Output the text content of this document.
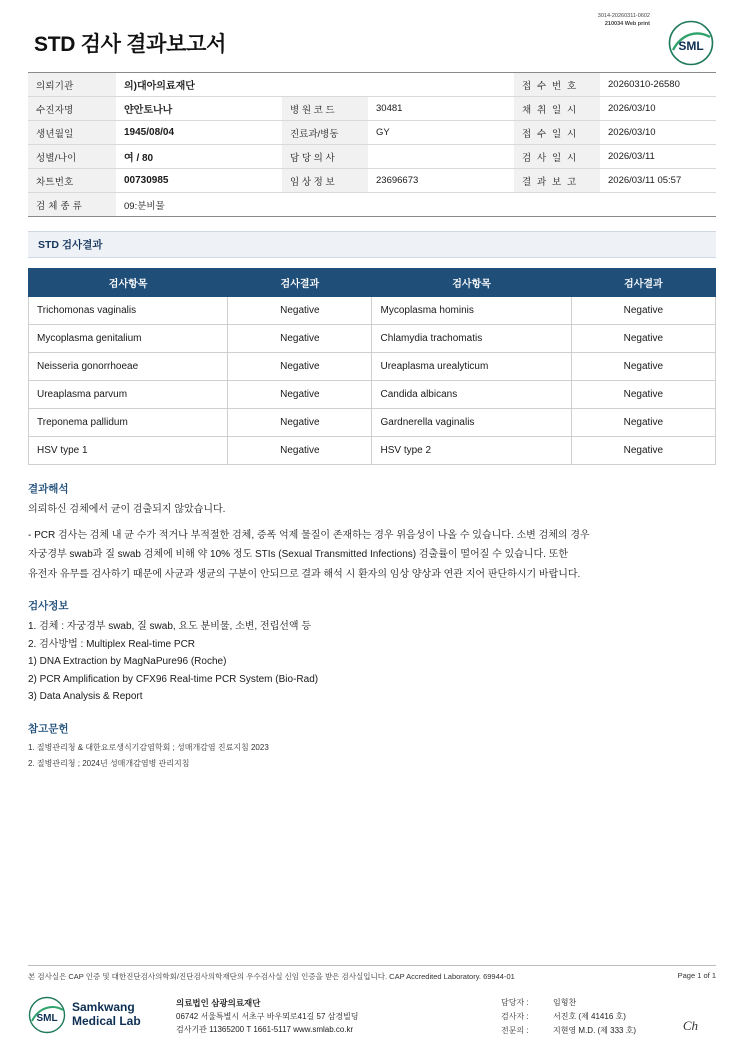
STD 검사 결과보고서
3014-20260311-0602
210034 Web print
SML
의뢰기관	의)대아의료재단			접 수 번 호	20260310-26580
수진자명	얀안토나나	병 원 코 드	30481	채 취 일 시	2026/03/10
생년월일	1945/08/04	진료과/병동	GY	접 수 일 시	2026/03/10
성별/나이	여 / 80	담 당 의 사		검 사 일 시	2026/03/11
차트번호	00730985	임 상 정 보	23696673	결 과 보 고	2026/03/11 05:57
검 체 종 류	09:분비물				
STD 검사결과
검사항목	검사결과	검사항목	검사결과
Trichomonas vaginalis	Negative	Mycoplasma hominis	Negative
Mycoplasma genitalium	Negative	Chlamydia trachomatis	Negative
Neisseria gonorrhoeae	Negative	Ureaplasma urealyticum	Negative
Ureaplasma parvum	Negative	Candida albicans	Negative
Treponema pallidum	Negative	Gardnerella vaginalis	Negative
HSV type 1	Negative	HSV type 2	Negative
결과해석

의뢰하신 검체에서 균이 검출되지 않았습니다.

- PCR 검사는 검체 내 균 수가 적거나 부적절한 검체, 증폭 억제 물질이 존재하는 경우 위음성이 나올 수 있습니다. 소변 검체의 경우

자궁경부 swab과 질 swab 검체에 비해 약 10% 정도 STIs (Sexual Transmitted Infections) 검출률이 떨어질 수 있습니다. 또한

유전자 유무를 검사하기 때문에 사균과 생균의 구분이 안되므로 결과 해석 시 환자의 임상 양상과 연관 지어 판단하시기 바랍니다.

검사정보

1. 검체 : 자궁경부 swab, 질 swab, 요도 분비물, 소변, 전립선액 등

2. 검사방법 : Multiplex Real-time PCR

1) DNA Extraction by MagNaPure96 (Roche)

2) PCR Amplification by CFX96 Real-time PCR System (Bio-Rad)

3) Data Analysis & Report

참고문헌

1. 질병관리청 & 대한요로생식기감염학회 ; 성매개감염 진료지침 2023

2. 질병관리청 ; 2024년 성매개감염병 관리지침

본 검사실은 CAP 인증 및 대한진단검사의학회/진단검사의학재단의 우수검사실 신임 인증을 받은 검사실입니다. CAP Accredited Laboratory. 69944-01	Page 1 of 1
SML
Samkwang
Medical Lab
의료법인 삼광의료재단
06742 서울특별시 서초구 바우뫼로41길 57 삼경빌딩
검사기관 11365200 T 1661-5117 www.smlab.co.kr
담당자 :	임형찬
검사자 :	서진호 (제 41416 호)
전문의 :	지현영 M.D. (제 333 호)	Ch
